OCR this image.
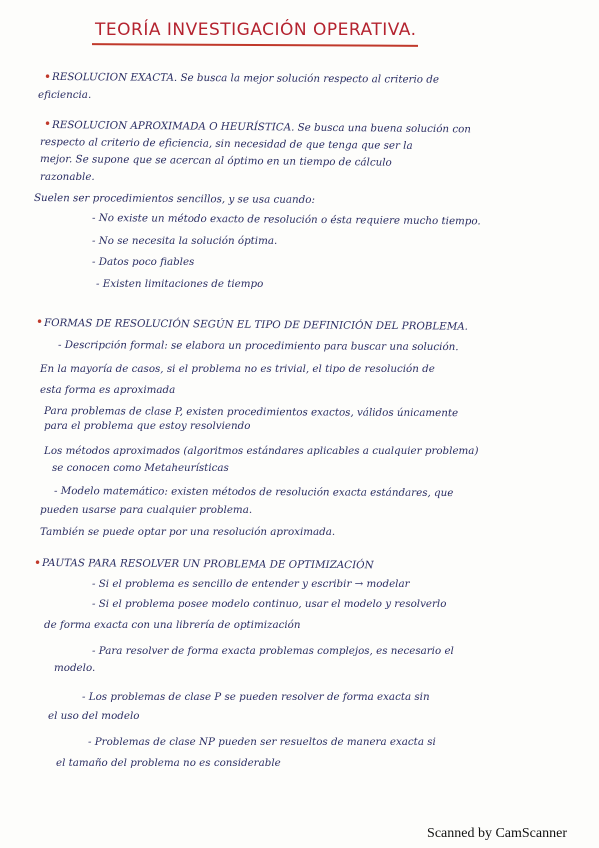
TEORÍA INVESTIGACIÓN OPERATIVA.
• RESOLUCION EXACTA. Se busca la mejor solución respecto al criterio de
eficiencia.
• RESOLUCION APROXIMADA O HEURÍSTICA. Se busca una buena solución con
respecto al criterio de eficiencia, sin necesidad de que tenga que ser la
mejor. Se supone que se acercan al óptimo en un tiempo de cálculo
razonable.
Suelen ser procedimientos sencillos, y se usa cuando:
- No existe un método exacto de resolución o ésta requiere mucho tiempo.
- No se necesita la solución óptima.
- Datos poco fiables
- Existen limitaciones de tiempo
• FORMAS DE RESOLUCIÓN SEGÚN EL TIPO DE DEFINICIÓN DEL PROBLEMA.
- Descripción formal: se elabora un procedimiento para buscar una solución.
En la mayoría de casos, si el problema no es trivial, el tipo de resolución de
esta forma es aproximada
Para problemas de clase P, existen procedimientos exactos, válidos únicamente
para el problema que estoy resolviendo
Los métodos aproximados (algoritmos estándares aplicables a cualquier problema)
se conocen como Metaheurísticas
- Modelo matemático: existen métodos de resolución exacta estándares, que
pueden usarse para cualquier problema.
También se puede optar por una resolución aproximada.
• PAUTAS PARA RESOLVER UN PROBLEMA DE OPTIMIZACIÓN
- Si el problema es sencillo de entender y escribir → modelar
- Si el problema posee modelo continuo, usar el modelo y resolverlo
de forma exacta con una librería de optimización
- Para resolver de forma exacta problemas complejos, es necesario el
modelo.
- Los problemas de clase P se pueden resolver de forma exacta sin
el uso del modelo
- Problemas de clase NP pueden ser resueltos de manera exacta si
el tamaño del problema no es considerable
Scanned by CamScanner
